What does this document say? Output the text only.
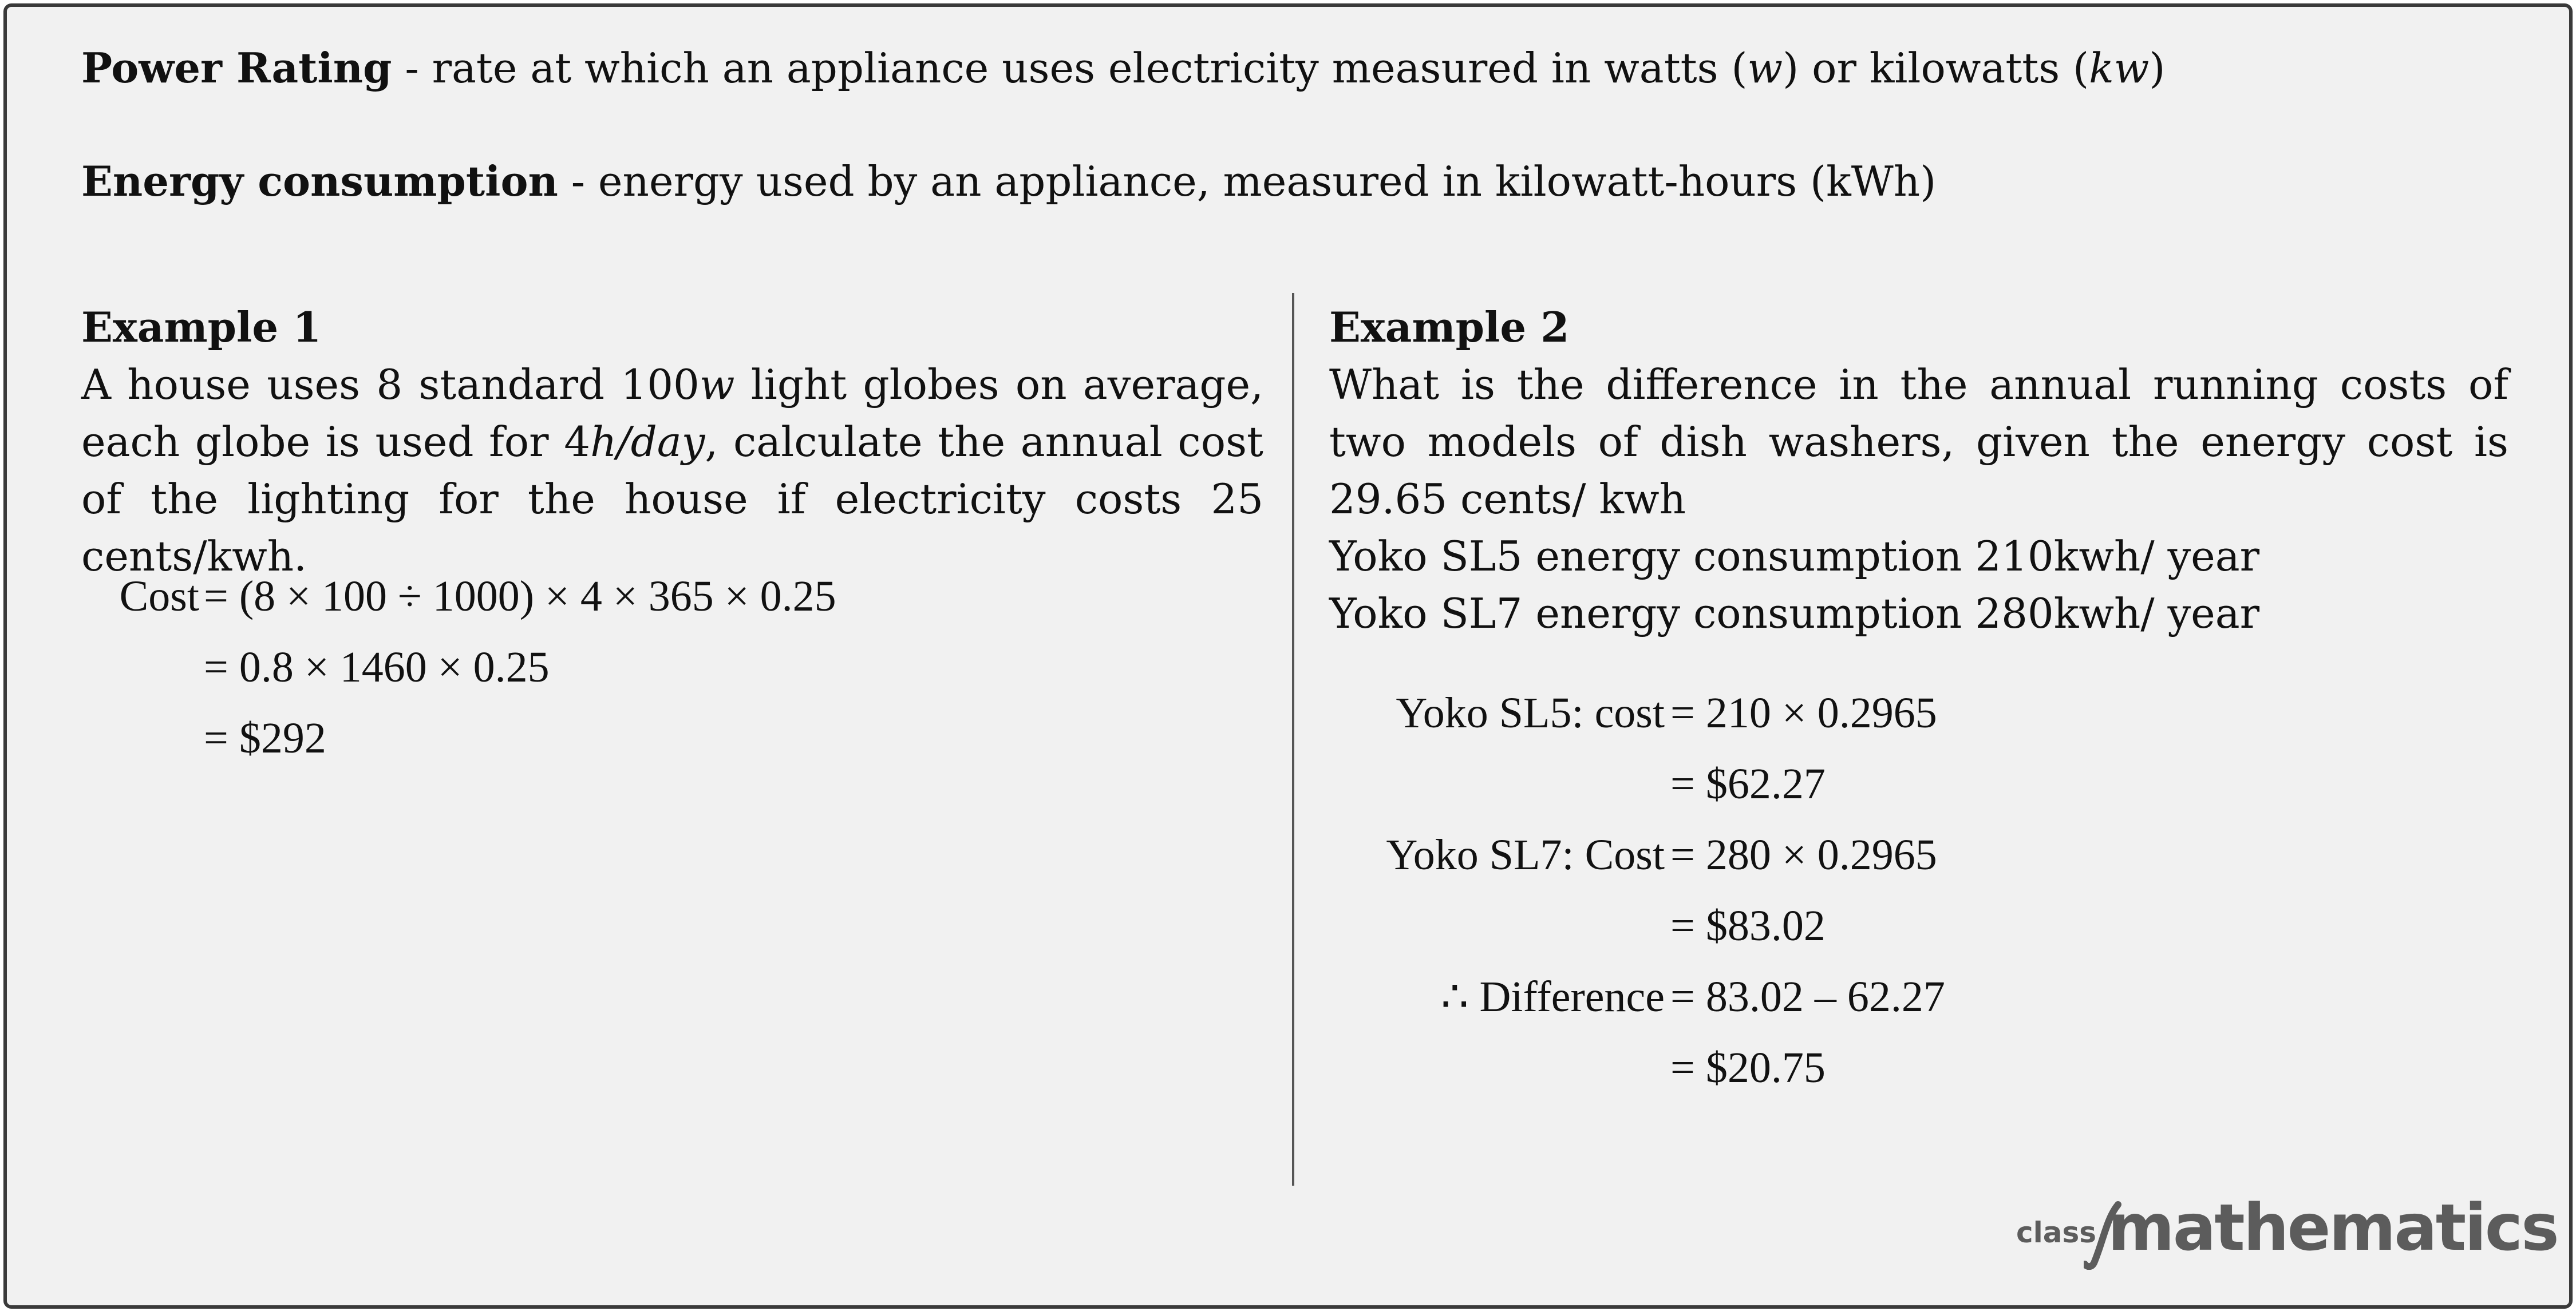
Power Rating - rate at which an appliance uses electricity measured in watts (w) or kilowatts (kw)
Energy consumption - energy used by an appliance, measured in kilowatt-hours (kWh)

Example 1

A house uses 8 standard 100w light globes on average, each globe is used for 4h/day, calculate the annual cost of the lighting for the house if electricity costs 25 cents/kwh.

Cost = (8 × 100 ÷ 1000) × 4 × 365 × 0.25
= 0.8 × 1460 × 0.25
= $292

Example 2

What is the difference in the annual running costs of two models of dish washers, given the energy cost is 29.65 cents/ kwh

Yoko SL5 energy consumption 210kwh/ year

Yoko SL7 energy consumption 280kwh/ year

Yoko SL5: cost = 210 × 0.2965
= $62.27
Yoko SL7: Cost = 280 × 0.2965
= $83.02
∴ Difference = 83.02 – 62.27
= $20.75
class mathematics
